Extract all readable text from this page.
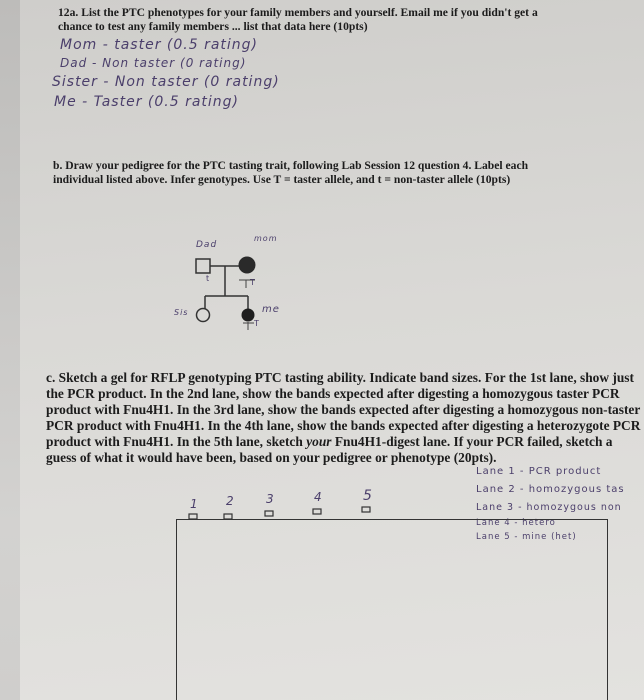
12a. List the PTC phenotypes for your family members and yourself. Email me if you didn't get a
chance to test any family members ... list that data here (10pts)
Mom - taster (0.5 rating)
Dad - Non taster (0 rating)
Sister - Non taster (0 rating)
Me - Taster (0.5 rating)
b. Draw your pedigree for the PTC tasting trait, following Lab Session 12 question 4. Label each
individual listed above. Infer genotypes. Use T = taster allele, and t = non-taster allele (10pts)
Dad
mom
Sis	me
t	T
T
c. Sketch a gel for RFLP genotyping PTC tasting ability. Indicate band sizes. For the 1st lane, show just
the PCR product. In the 2nd lane, show the bands expected after digesting a homozygous taster PCR
product with Fnu4H1. In the 3rd lane, show the bands expected after digesting a homozygous non-taster
PCR product with Fnu4H1. In the 4th lane, show the bands expected after digesting a heterozygote PCR
product with Fnu4H1. In the 5th lane, sketch your Fnu4H1-digest lane. If your PCR failed, sketch a
guess of what it would have been, based on your pedigree or phenotype (20pts).
Lane 1 - PCR product
Lane 2 - homozygous tas
Lane 3 - homozygous non
Lane 4 - hetero
Lane 5 - mine (het)
1 2	3	4	5
